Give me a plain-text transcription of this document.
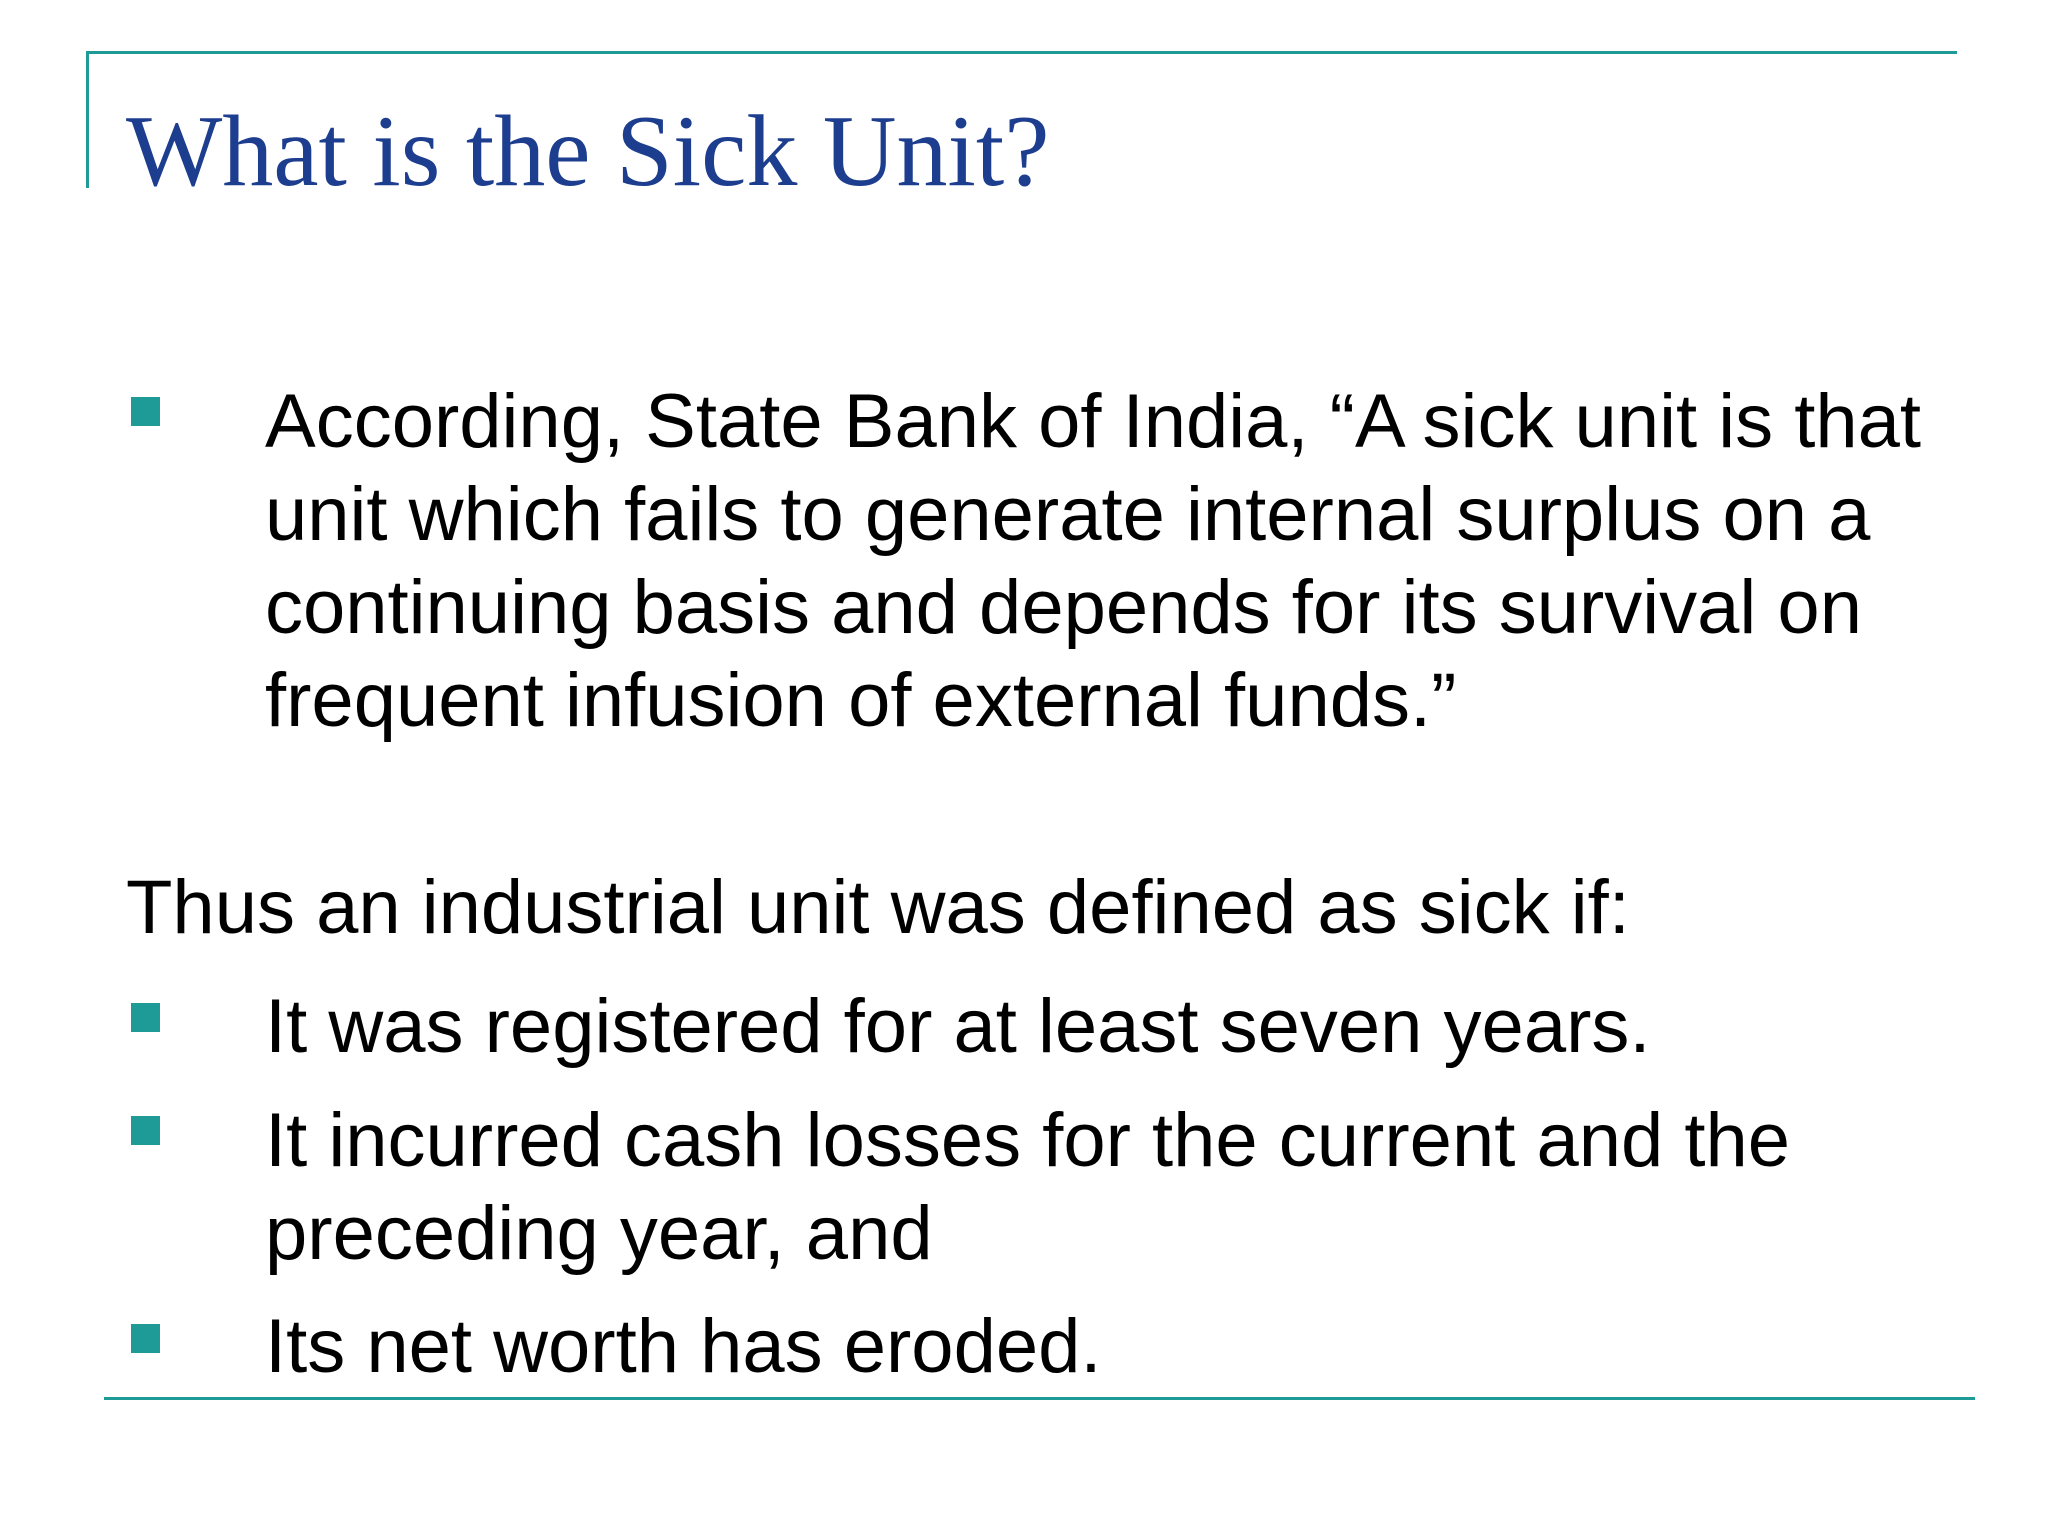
What is the Sick Unit?

According, State Bank of India, “A sick unit is that unit which fails to generate internal surplus on a continuing basis and depends for its survival on frequent infusion of external funds.”

Thus an industrial unit was defined as sick if:

It was registered for at least seven years.

It incurred cash losses for the current and the preceding year, and

Its net worth has eroded.
